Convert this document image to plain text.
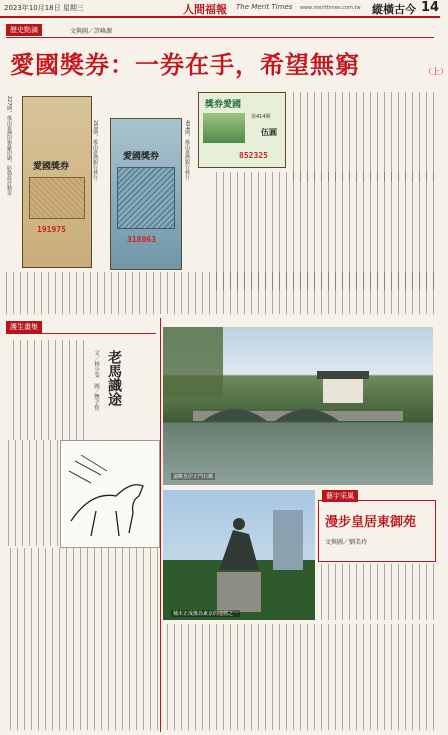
2023年10月18日 星期三	人間福報 The Merit Times www.merittimes.com.tw 縱橫古今 14
歷史點滴	文與圖／許峰源
愛國獎券：一券在手，希望無窮	（上）
227期，係由臺灣印製廠印刷，防偽設計精美 愛國獎券
191975
260期，係由臺灣銀行發行	愛國獎券
318063
404期，係由臺灣銀行發行
獎券愛國
第414期
伍圓
852325
護生畫集
老馬識途
文／林少雯　圖／豐子愷
遠眺皇居正門石橋
楠木正成像為東京的地標之一
藝宇采風
漫步皇居東御苑
文與圖／劉美玲
